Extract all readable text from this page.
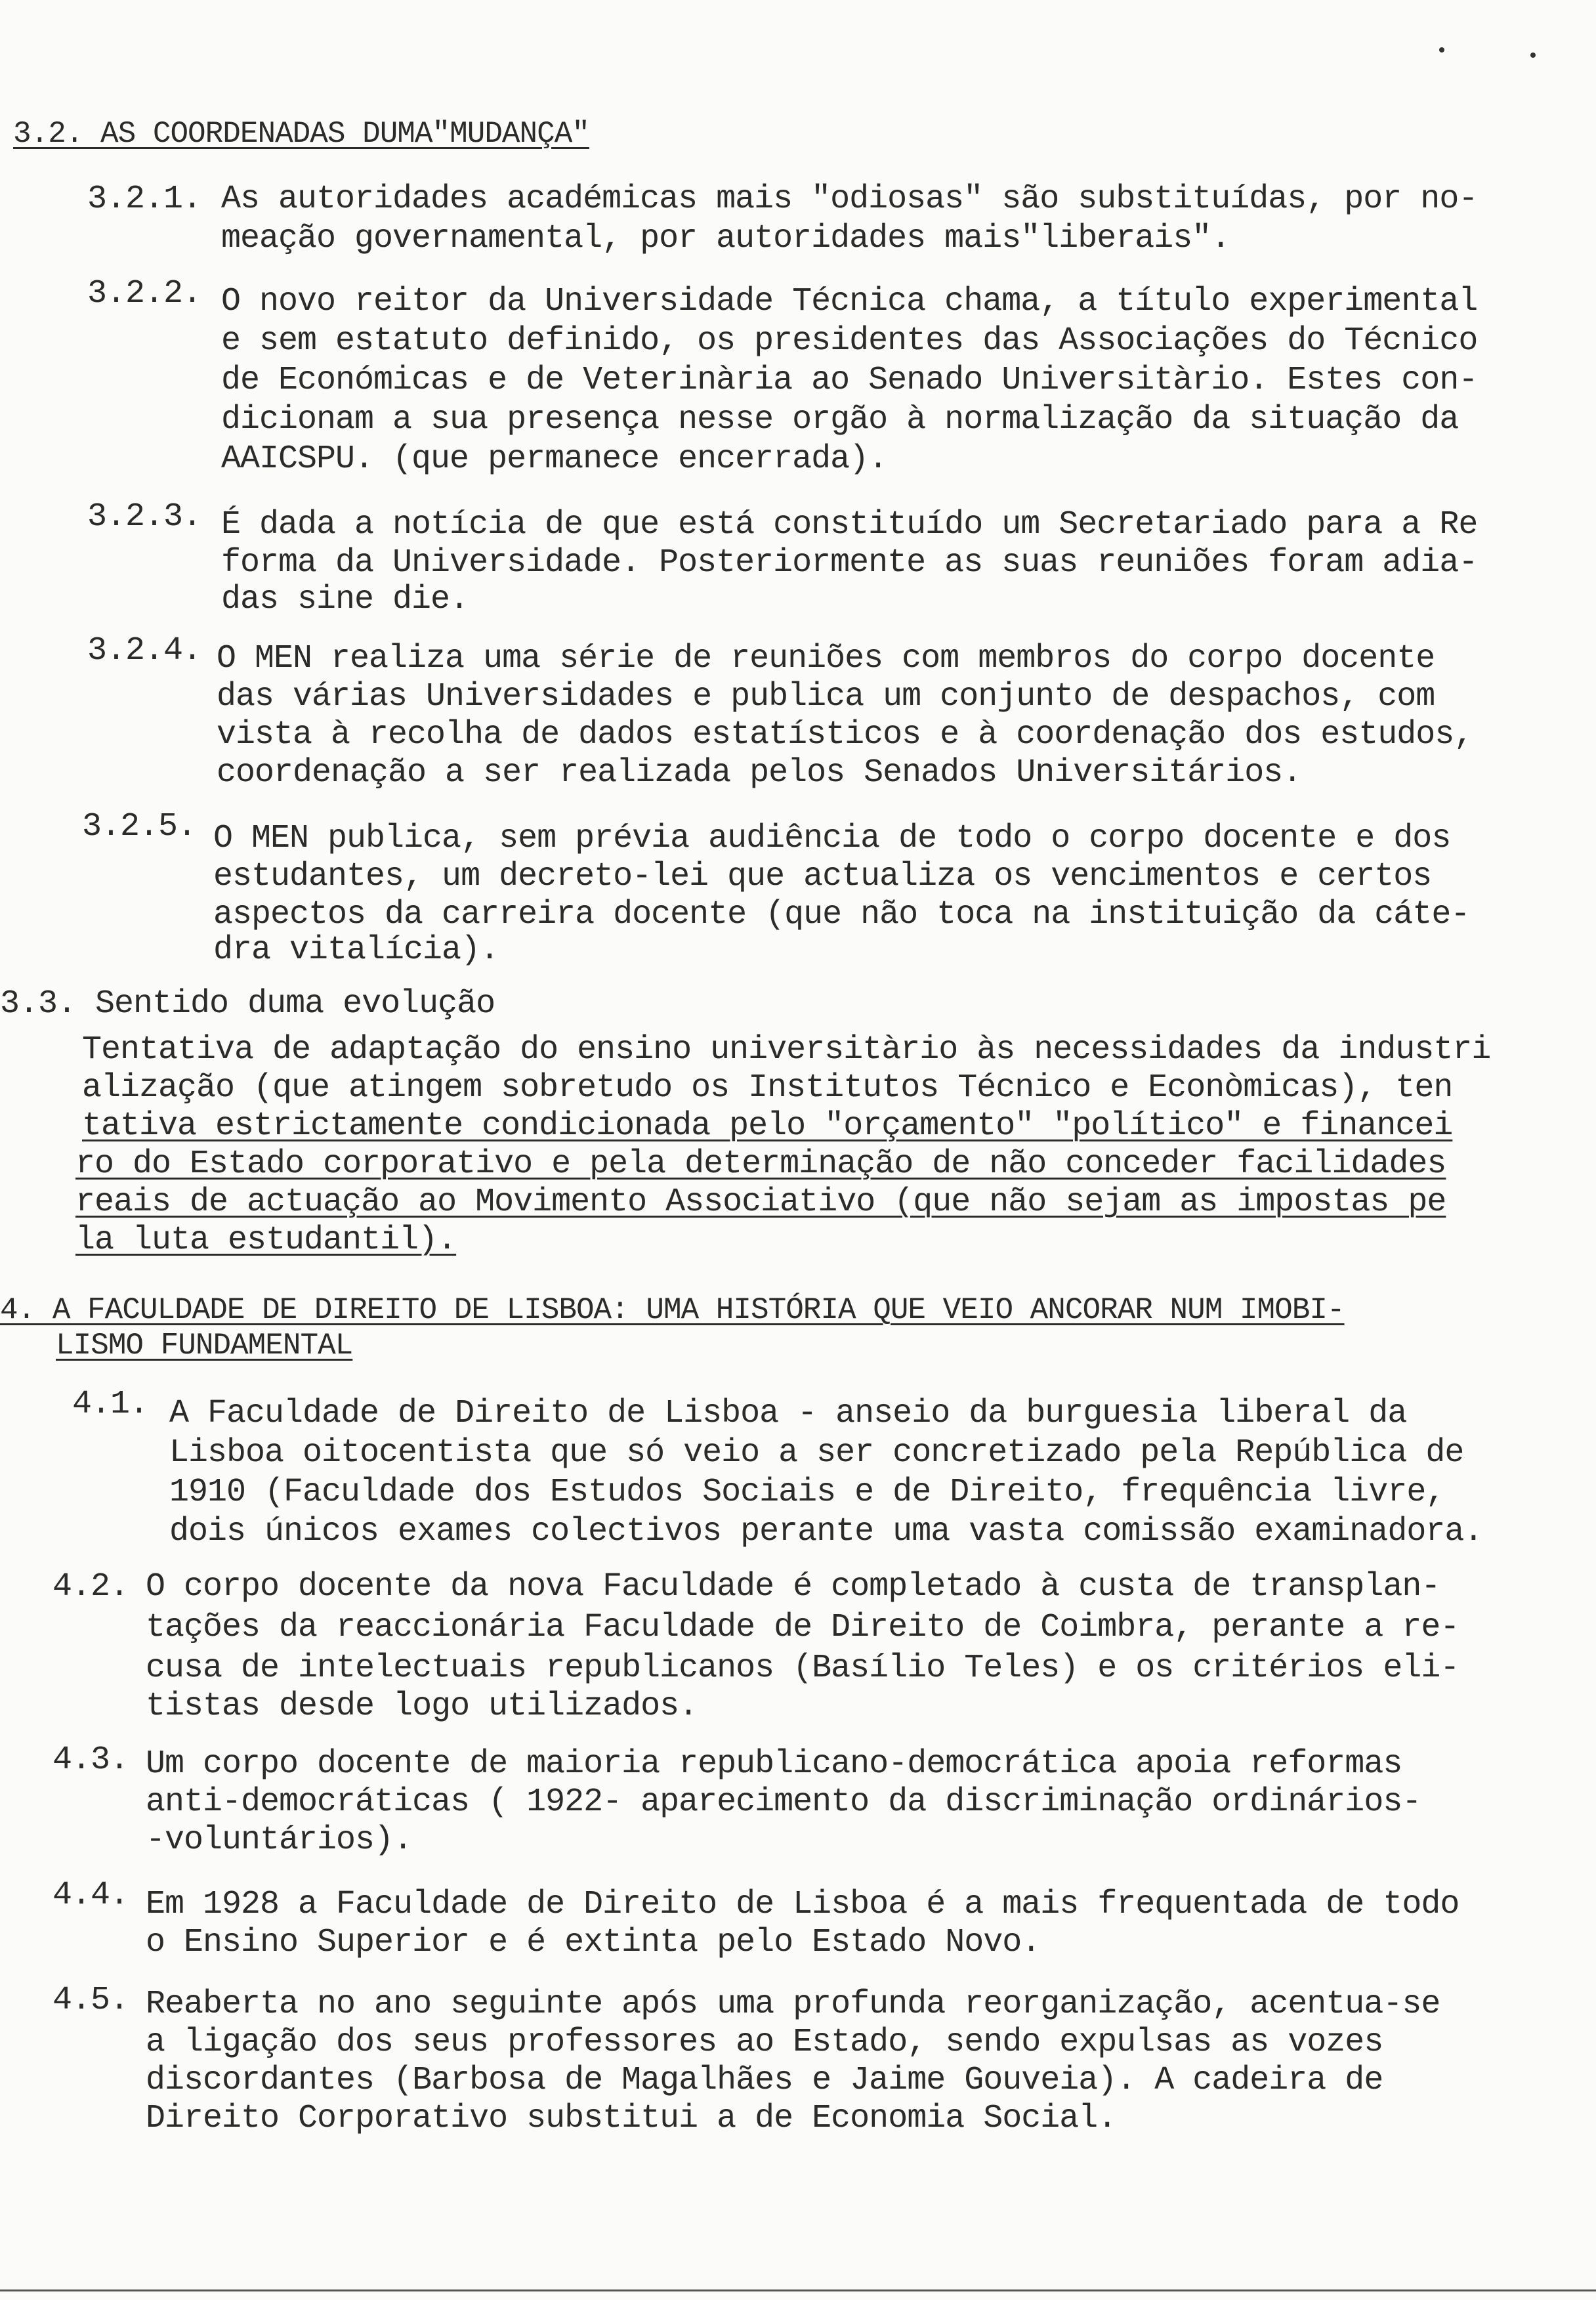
3.2. AS COORDENADAS DUMA"MUDANÇA"
3.2.1. As autoridades académicas mais "odiosas" são substituídas, por no-
meação governamental, por autoridades mais"liberais".
3.2.2. O novo reitor da Universidade Técnica chama, a título experimental
e sem estatuto definido, os presidentes das Associações do Técnico
de Económicas e de Veterinària ao Senado Universitàrio. Estes con-
dicionam a sua presença nesse orgão à normalização da situação da
AAICSPU. (que permanece encerrada).
3.2.3. É dada a notícia de que está constituído um Secretariado para a Re
forma da Universidade. Posteriormente as suas reuniões foram adia-
das sine die.
3.2.4. O MEN realiza uma série de reuniões com membros do corpo docente
das várias Universidades e publica um conjunto de despachos, com
vista à recolha de dados estatísticos e à coordenação dos estudos,
coordenação a ser realizada pelos Senados Universitários.
3.2.5. O MEN publica, sem prévia audiência de todo o corpo docente e dos
estudantes, um decreto-lei que actualiza os vencimentos e certos
aspectos da carreira docente (que não toca na instituição da cáte-
dra vitalícia).
3.3. Sentido duma evolução
Tentativa de adaptação do ensino universitàrio às necessidades da industri
alização (que atingem sobretudo os Institutos Técnico e Econòmicas), ten
tativa estrictamente condicionada pelo "orçamento" "político" e financei
ro do Estado corporativo e pela determinação de não conceder facilidades
reais de actuação ao Movimento Associativo (que não sejam as impostas pe
la luta estudantil).
4. A FACULDADE DE DIREITO DE LISBOA: UMA HISTÓRIA QUE VEIO ANCORAR NUM IMOBI-
LISMO FUNDAMENTAL
4.1. A Faculdade de Direito de Lisboa - anseio da burguesia liberal da
Lisboa oitocentista que só veio a ser concretizado pela República de
1910 (Faculdade dos Estudos Sociais e de Direito, frequência livre,
dois únicos exames colectivos perante uma vasta comissão examinadora.
4.2. O corpo docente da nova Faculdade é completado à custa de transplan-
tações da reaccionária Faculdade de Direito de Coimbra, perante a re-
cusa de intelectuais republicanos (Basílio Teles) e os critérios eli-
tistas desde logo utilizados.
4.3. Um corpo docente de maioria republicano-democrática apoia reformas
anti-democráticas ( 1922- aparecimento da discriminação ordinários-
-voluntários).
4.4. Em 1928 a Faculdade de Direito de Lisboa é a mais frequentada de todo
o Ensino Superior e é extinta pelo Estado Novo.
4.5. Reaberta no ano seguinte após uma profunda reorganização, acentua-se
a ligação dos seus professores ao Estado, sendo expulsas as vozes
discordantes (Barbosa de Magalhães e Jaime Gouveia). A cadeira de
Direito Corporativo substitui a de Economia Social.
